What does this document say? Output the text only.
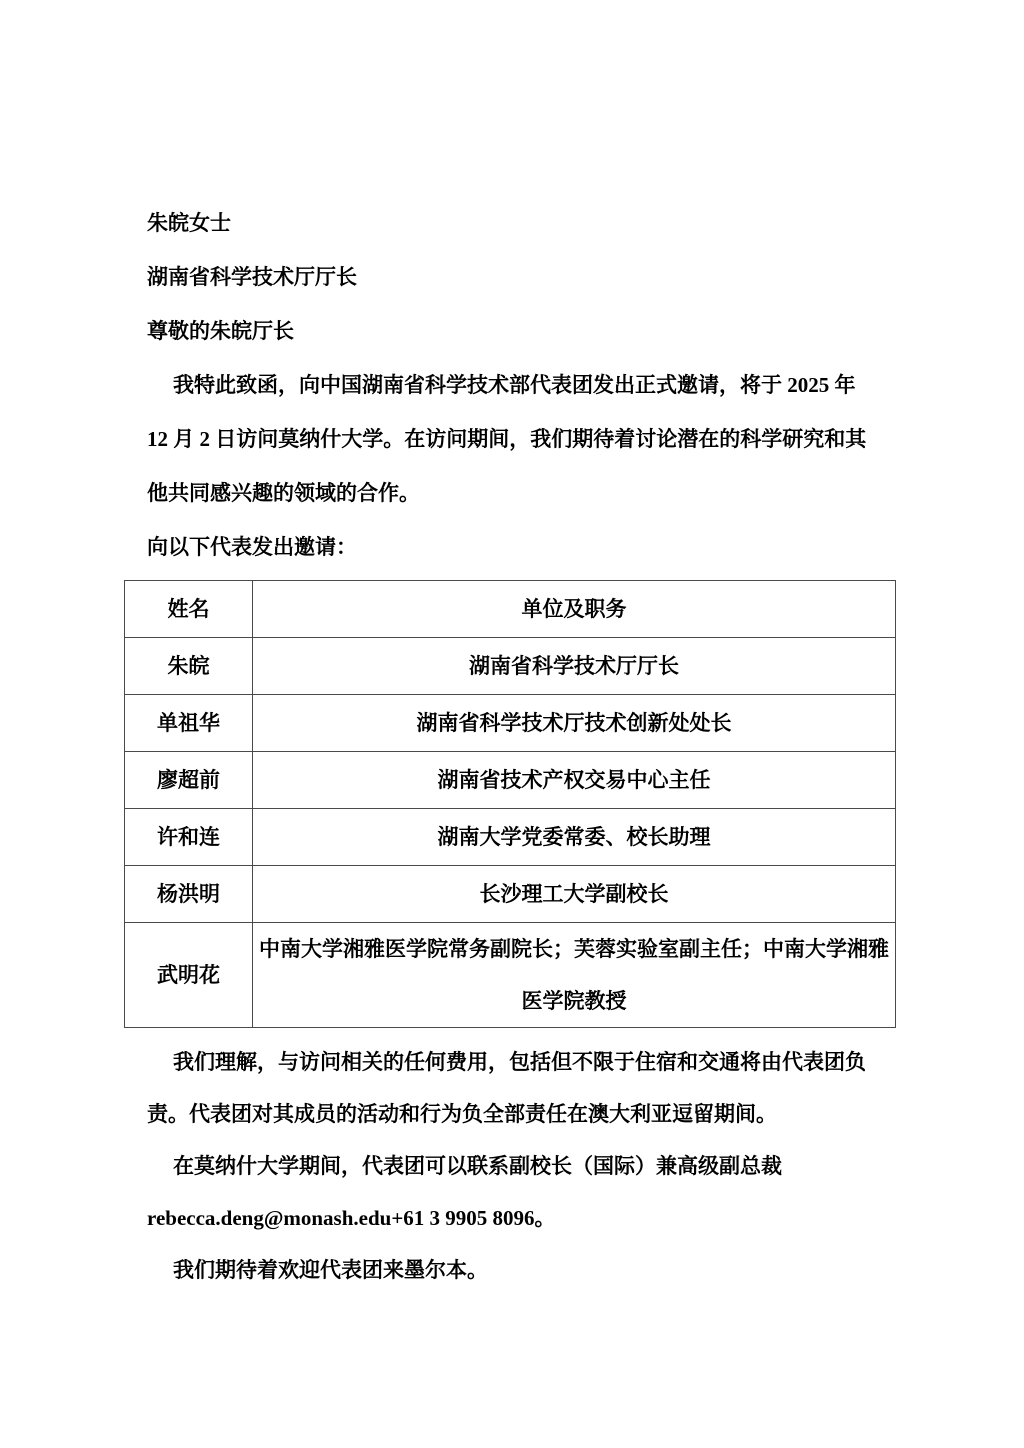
朱皖女士
湖南省科学技术厅厅长
尊敬的朱皖厅长
我特此致函，向中国湖南省科学技术部代表团发出正式邀请，将于 2025 年
12 月 2 日访问莫纳什大学。在访问期间，我们期待着讨论潜在的科学研究和其
他共同感兴趣的领域的合作。
向以下代表发出邀请：
姓名	单位及职务
朱皖	湖南省科学技术厅厅长
单祖华	湖南省科学技术厅技术创新处处长
廖超前	湖南省技术产权交易中心主任
许和连	湖南大学党委常委、校长助理
杨洪明	长沙理工大学副校长
武明花	中南大学湘雅医学院常务副院长；芙蓉实验室副主任；中南大学湘雅
医学院教授
我们理解，与访问相关的任何费用，包括但不限于住宿和交通将由代表团负
责。代表团对其成员的活动和行为负全部责任在澳大利亚逗留期间。
在莫纳什大学期间，代表团可以联系副校长（国际）兼高级副总裁
rebecca.deng@monash.edu+61 3 9905 8096。
我们期待着欢迎代表团来墨尔本。
